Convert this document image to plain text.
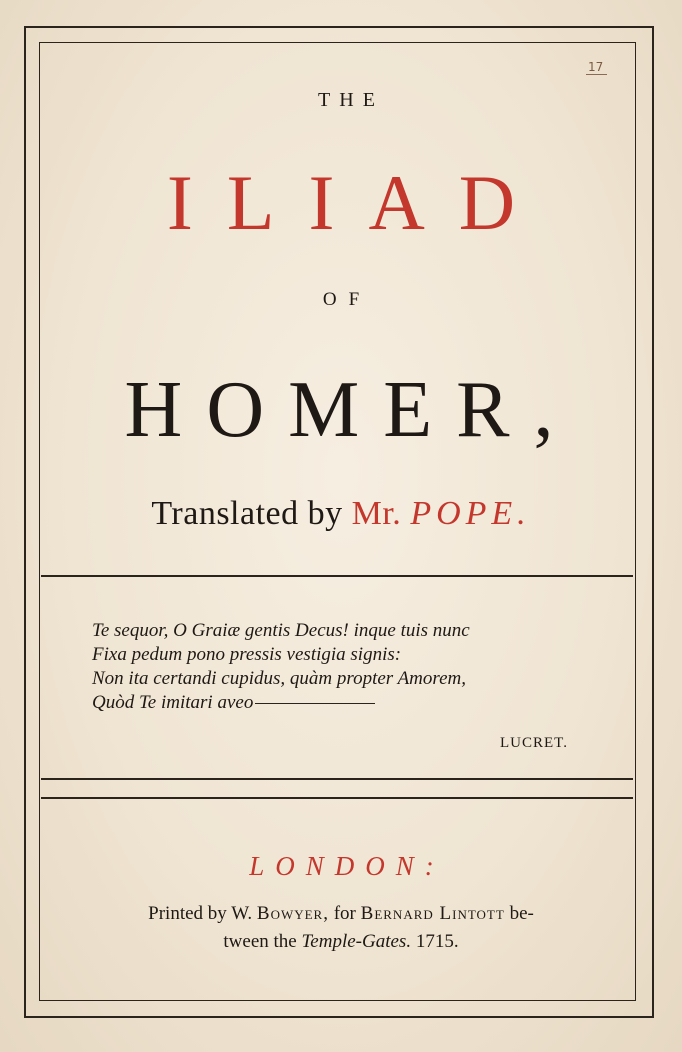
17
THE
ILIAD
OF
HOMER,
Translated by Mr. POPE.
Te sequor, O Graiæ gentis Decus! inque tuis nunc
Fixa pedum pono pressis vestigia signis:
Non ita certandi cupidus, quàm propter Amorem,
Quòd Te imitari aveo
LUCRET.
LONDON:
Printed by W. Bowyer, for Bernard Lintott be-
tween the Temple-Gates. 1715.
